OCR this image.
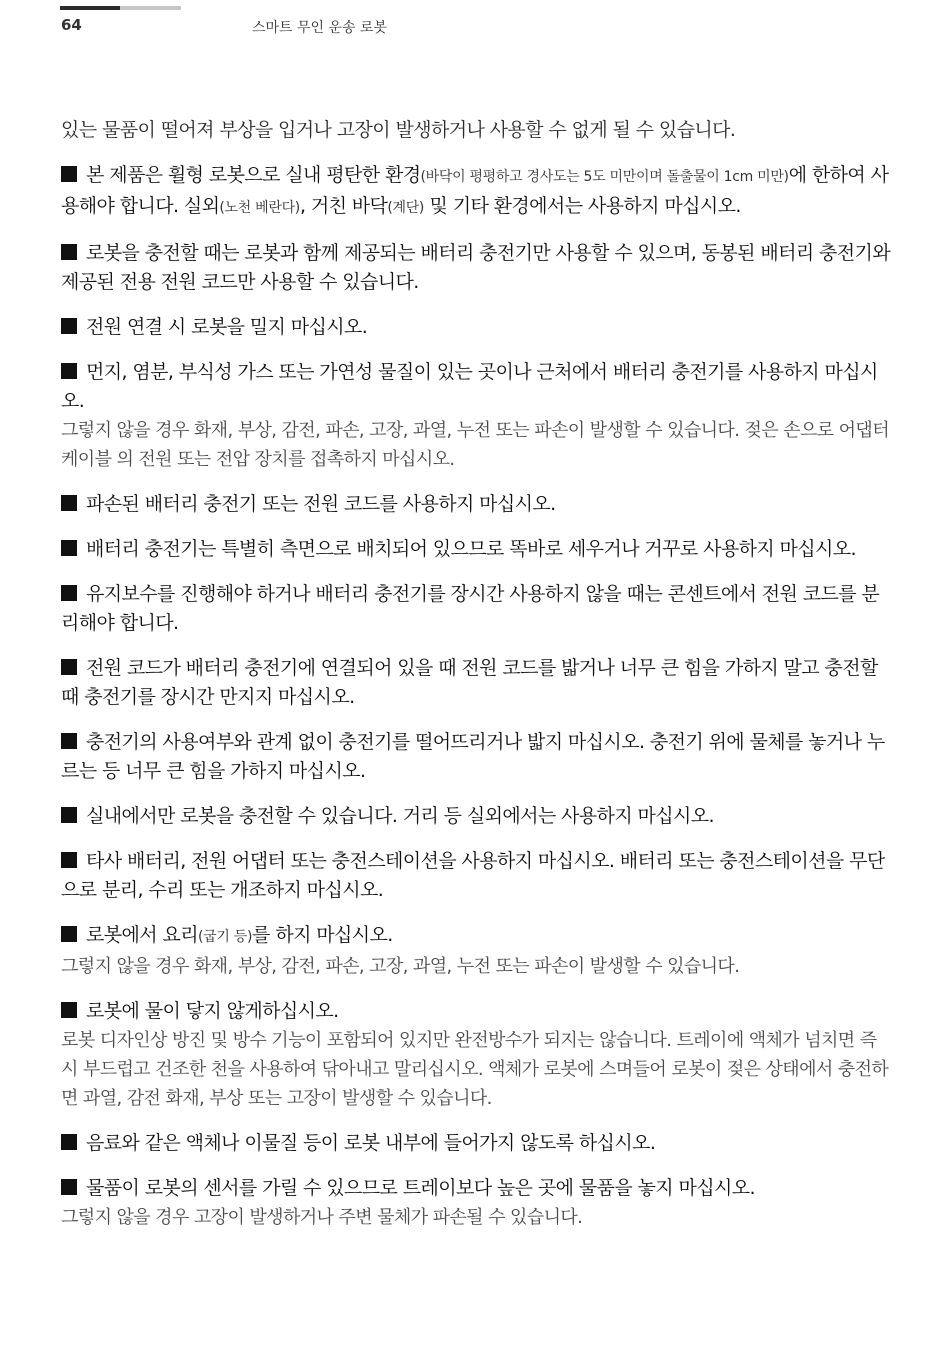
64	스마트 무인 운송 로봇
있는 물품이 떨어져 부상을 입거나 고장이 발생하거나 사용할 수 없게 될 수 있습니다.
본 제품은 휠형 로봇으로 실내 평탄한 환경(바닥이 평평하고 경사도는 5도 미만이며 돌출물이 1cm 미만)에 한하여 사용해야 합니다. 실외(노천 베란다), 거친 바닥(계단) 및 기타 환경에서는 사용하지 마십시오.
로봇을 충전할 때는 로봇과 함께 제공되는 배터리 충전기만 사용할 수 있으며, 동봉된 배터리 충전기와 제공된 전용 전원 코드만 사용할 수 있습니다.
전원 연결 시 로봇을 밀지 마십시오.
먼지, 염분, 부식성 가스 또는 가연성 물질이 있는 곳이나 근처에서 배터리 충전기를 사용하지 마십시오.
그렇지 않을 경우 화재, 부상, 감전, 파손, 고장, 과열, 누전 또는 파손이 발생할 수 있습니다. 젖은 손으로 어댑터 케이블 의 전원 또는 전압 장치를 접촉하지 마십시오.
파손된 배터리 충전기 또는 전원 코드를 사용하지 마십시오.
배터리 충전기는 특별히 측면으로 배치되어 있으므로 똑바로 세우거나 거꾸로 사용하지 마십시오.
유지보수를 진행해야 하거나 배터리 충전기를 장시간 사용하지 않을 때는 콘센트에서 전원 코드를 분리해야 합니다.
전원 코드가 배터리 충전기에 연결되어 있을 때 전원 코드를 밟거나 너무 큰 힘을 가하지 말고 충전할 때 충전기를 장시간 만지지 마십시오.
충전기의 사용여부와 관계 없이 충전기를 떨어뜨리거나 밟지 마십시오. 충전기 위에 물체를 놓거나 누르는 등 너무 큰 힘을 가하지 마십시오.
실내에서만 로봇을 충전할 수 있습니다. 거리 등 실외에서는 사용하지 마십시오.
타사 배터리, 전원 어댑터 또는 충전스테이션을 사용하지 마십시오. 배터리 또는 충전스테이션을 무단으로 분리, 수리 또는 개조하지 마십시오.
로봇에서 요리(굽기 등)를 하지 마십시오.
그렇지 않을 경우 화재, 부상, 감전, 파손, 고장, 과열, 누전 또는 파손이 발생할 수 있습니다.
로봇에 물이 닿지 않게하십시오.
로봇 디자인상 방진 및 방수 기능이 포함되어 있지만 완전방수가 되지는 않습니다. 트레이에 액체가 넘치면 즉시 부드럽고 건조한 천을 사용하여 닦아내고 말리십시오. 액체가 로봇에 스며들어 로봇이 젖은 상태에서 충전하면 과열, 감전 화재, 부상 또는 고장이 발생할 수 있습니다.
음료와 같은 액체나 이물질 등이 로봇 내부에 들어가지 않도록 하십시오.
물품이 로봇의 센서를 가릴 수 있으므로 트레이보다 높은 곳에 물품을 놓지 마십시오.
그렇지 않을 경우 고장이 발생하거나 주변 물체가 파손될 수 있습니다.
